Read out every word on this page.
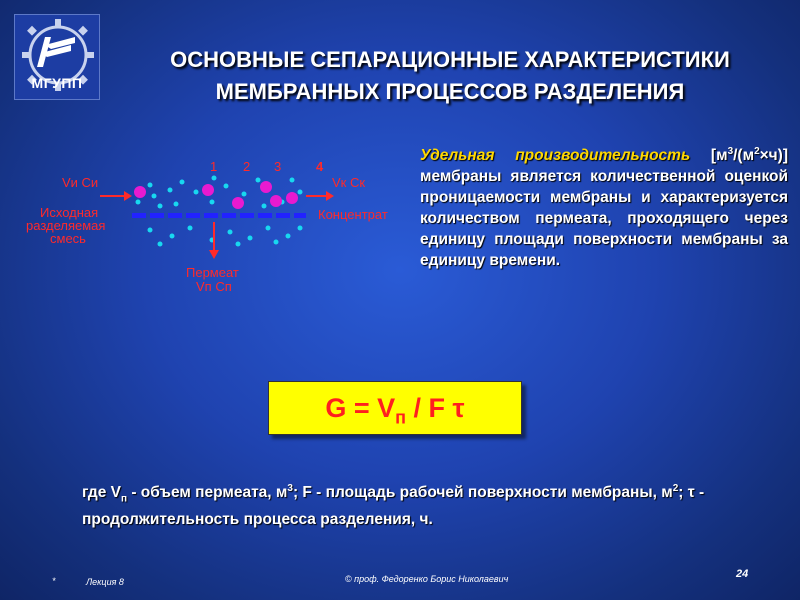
МГУПП
ОСНОВНЫЕ СЕПАРАЦИОННЫЕ ХАРАКТЕРИСТИКИ
МЕМБРАННЫХ ПРОЦЕССОВ РАЗДЕЛЕНИЯ
1 2 3	4
Vи Cи
Исходная
разделяемая
смесь
Vк Cк
Концентрат
Пермеат
Vп Cп
Удельная производительность $[м^3/(м^2\times ч)]$ мембраны является количественной оценкой проницаемости мембраны и характеризуется количеством пермеата, проходящего через единицу площади поверхности мембраны за единицу времени.
$G = V_п / F$ τ
где $V_п$ - объем пермеата, $м^3$; F - площадь рабочей поверхности мембраны, $м^2$; τ - продолжительность процесса разделения, ч.
*	Лекция 8	© проф. Федоренко Борис Николаевич	24
